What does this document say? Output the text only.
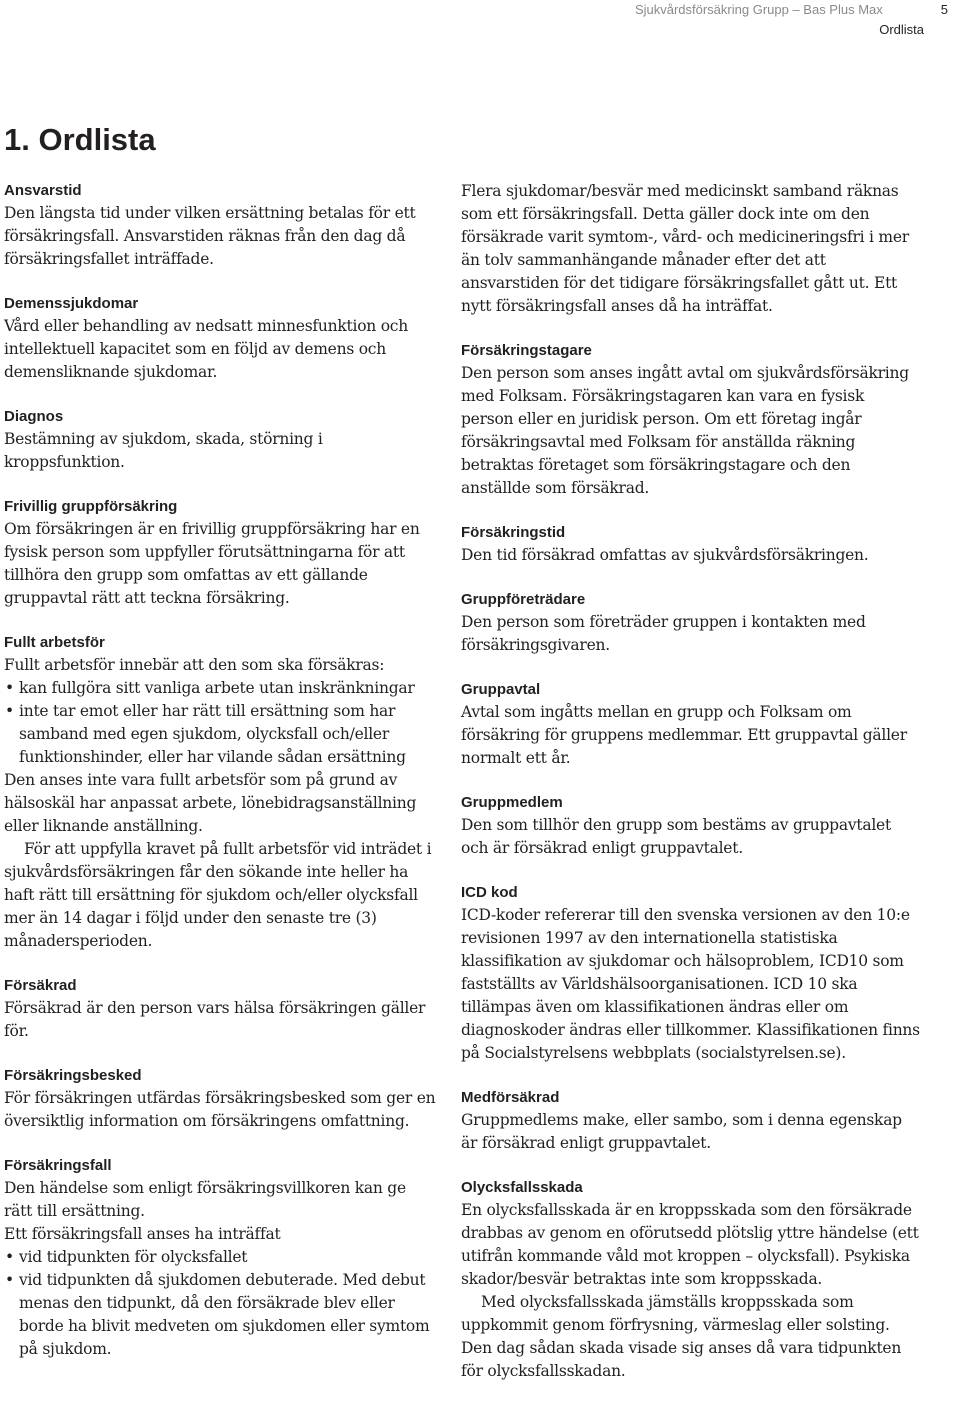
Sjukvårdsförsäkring Grupp – Bas Plus Max	5
Ordlista
1. Ordlista
Ansvarstid

Den längsta tid under vilken ersättning betalas för ett försäkringsfall. Ansvarstiden räknas från den dag då försäkringsfallet inträffade.

Demenssjukdomar

Vård eller behandling av nedsatt minnesfunktion och intellektuell kapacitet som en följd av demens och demensliknande sjukdomar.

Diagnos

Bestämning av sjukdom, skada, störning i kroppsfunktion.

Frivillig gruppförsäkring

Om försäkringen är en frivillig gruppförsäkring har en fysisk person som uppfyller förutsättningarna för att tillhöra den grupp som omfattas av ett gällande gruppavtal rätt att teckna försäkring.

Fullt arbetsför

Fullt arbetsför innebär att den som ska försäkras:

• kan fullgöra sitt vanliga arbete utan inskränkningar
• inte tar emot eller har rätt till ersättning som har samband med egen sjukdom, olycksfall och/eller funktionshinder, eller har vilande sådan ersättning

Den anses inte vara fullt arbetsför som på grund av hälsoskäl har anpassat arbete, lönebidragsanställning eller liknande anställning.

För att uppfylla kravet på fullt arbetsför vid inträdet i sjukvårdsförsäkringen får den sökande inte heller ha haft rätt till ersättning för sjukdom och/eller olycksfall mer än 14 dagar i följd under den senaste tre (3) månadersperioden.

Försäkrad

Försäkrad är den person vars hälsa försäkringen gäller för.

Försäkringsbesked

För försäkringen utfärdas försäkringsbesked som ger en översiktlig information om försäkringens omfattning.

Försäkringsfall

Den händelse som enligt försäkringsvillkoren kan ge rätt till ersättning.

Ett försäkringsfall anses ha inträffat

• vid tidpunkten för olycksfallet
• vid tidpunkten då sjukdomen debuterade. Med debut menas den tidpunkt, då den försäkrade blev eller borde ha blivit medveten om sjukdomen eller symtom på sjukdom.

Flera sjukdomar/besvär med medicinskt samband räknas som ett försäkringsfall. Detta gäller dock inte om den försäkrade varit symtom-, vård- och medicineringsfri i mer än tolv sammanhängande månader efter det att ansvarstiden för det tidigare försäkringsfallet gått ut. Ett nytt försäkringsfall anses då ha inträffat.

Försäkringstagare

Den person som anses ingått avtal om sjukvårdsförsäkring med Folksam. Försäkringstagaren kan vara en fysisk person eller en juridisk person. Om ett företag ingår försäkringsavtal med Folksam för anställda räkning betraktas företaget som försäkringstagare och den anställde som försäkrad.

Försäkringstid

Den tid försäkrad omfattas av sjukvårdsförsäkringen.

Gruppföreträdare

Den person som företräder gruppen i kontakten med försäkringsgivaren.

Gruppavtal

Avtal som ingåtts mellan en grupp och Folksam om försäkring för gruppens medlemmar. Ett gruppavtal gäller normalt ett år.

Gruppmedlem

Den som tillhör den grupp som bestäms av gruppavtalet och är försäkrad enligt gruppavtalet.

ICD kod

ICD-koder refererar till den svenska versionen av den 10:e revisionen 1997 av den internationella statistiska klassifikation av sjukdomar och hälsoproblem, ICD10 som fastställts av Världshälsoorganisationen. ICD 10 ska tillämpas även om klassifikationen ändras eller om diagnoskoder ändras eller tillkommer. Klassifikationen finns på Socialstyrelsens webbplats (socialstyrelsen.se).

Medförsäkrad

Gruppmedlems make, eller sambo, som i denna egenskap är försäkrad enligt gruppavtalet.

Olycksfallsskada

En olycksfallsskada är en kroppsskada som den försäkrade drabbas av genom en oförutsedd plötslig yttre händelse (ett utifrån kommande våld mot kroppen – olycksfall). Psykiska skador/besvär betraktas inte som kroppsskada.

Med olycksfallsskada jämställs kroppsskada som uppkommit genom förfrysning, värmeslag eller solsting. Den dag sådan skada visade sig anses då vara tidpunkten för olycksfallsskadan.
